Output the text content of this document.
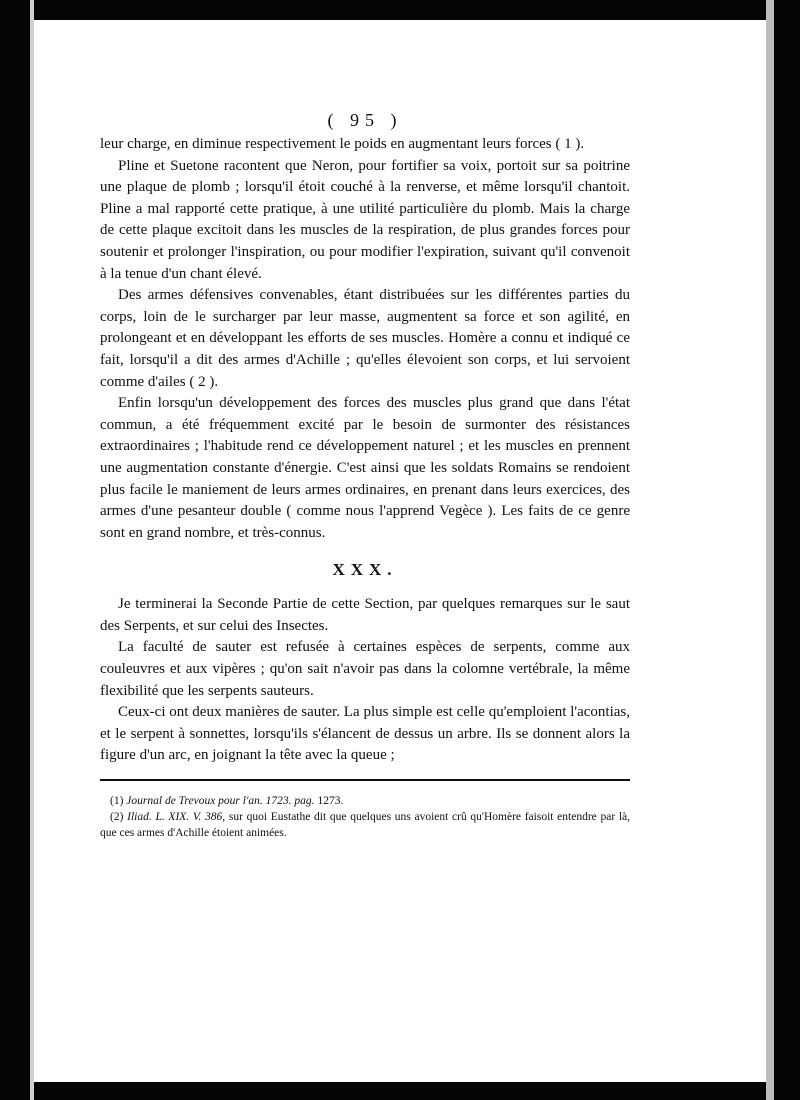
( 95 )

leur charge, en diminue respectivement le poids en augmentant leurs forces ( 1 ).

Pline et Suetone racontent que Neron, pour fortifier sa voix, portoit sur sa poitrine une plaque de plomb ; lorsqu'il étoit couché à la renverse, et même lorsqu'il chantoit. Pline a mal rapporté cette pratique, à une utilité particulière du plomb. Mais la charge de cette plaque excitoit dans les muscles de la respiration, de plus grandes forces pour soutenir et prolonger l'inspiration, ou pour modifier l'expiration, suivant qu'il convenoit à la tenue d'un chant élevé.

Des armes défensives convenables, étant distribuées sur les différentes parties du corps, loin de le surcharger par leur masse, augmentent sa force et son agilité, en prolongeant et en développant les efforts de ses muscles. Homère a connu et indiqué ce fait, lorsqu'il a dit des armes d'Achille ; qu'elles élevoient son corps, et lui servoient comme d'ailes ( 2 ).

Enfin lorsqu'un développement des forces des muscles plus grand que dans l'état commun, a été fréquemment excité par le besoin de surmonter des résistances extraordinaires ; l'habitude rend ce développement naturel ; et les muscles en prennent une augmentation constante d'énergie. C'est ainsi que les soldats Romains se rendoient plus facile le maniement de leurs armes ordinaires, en prenant dans leurs exercices, des armes d'une pesanteur double ( comme nous l'apprend Vegèce ). Les faits de ce genre sont en grand nombre, et très-connus.

XXX.

Je terminerai la Seconde Partie de cette Section, par quelques remarques sur le saut des Serpents, et sur celui des Insectes.

La faculté de sauter est refusée à certaines espèces de serpents, comme aux couleuvres et aux vipères ; qu'on sait n'avoir pas dans la colomne vertébrale, la même flexibilité que les serpents sauteurs.

Ceux-ci ont deux manières de sauter. La plus simple est celle qu'emploient l'acontias, et le serpent à sonnettes, lorsqu'ils s'élancent de dessus un arbre. Ils se donnent alors la figure d'un arc, en joignant la tête avec la queue ;

(1) Journal de Trevoux pour l'an. 1723. pag. 1273.

(2) Iliad. L. XIX. V. 386, sur quoi Eustathe dit que quelques uns avoient crû qu'Homère faisoit entendre par là, que ces armes d'Achille étoient animées.
